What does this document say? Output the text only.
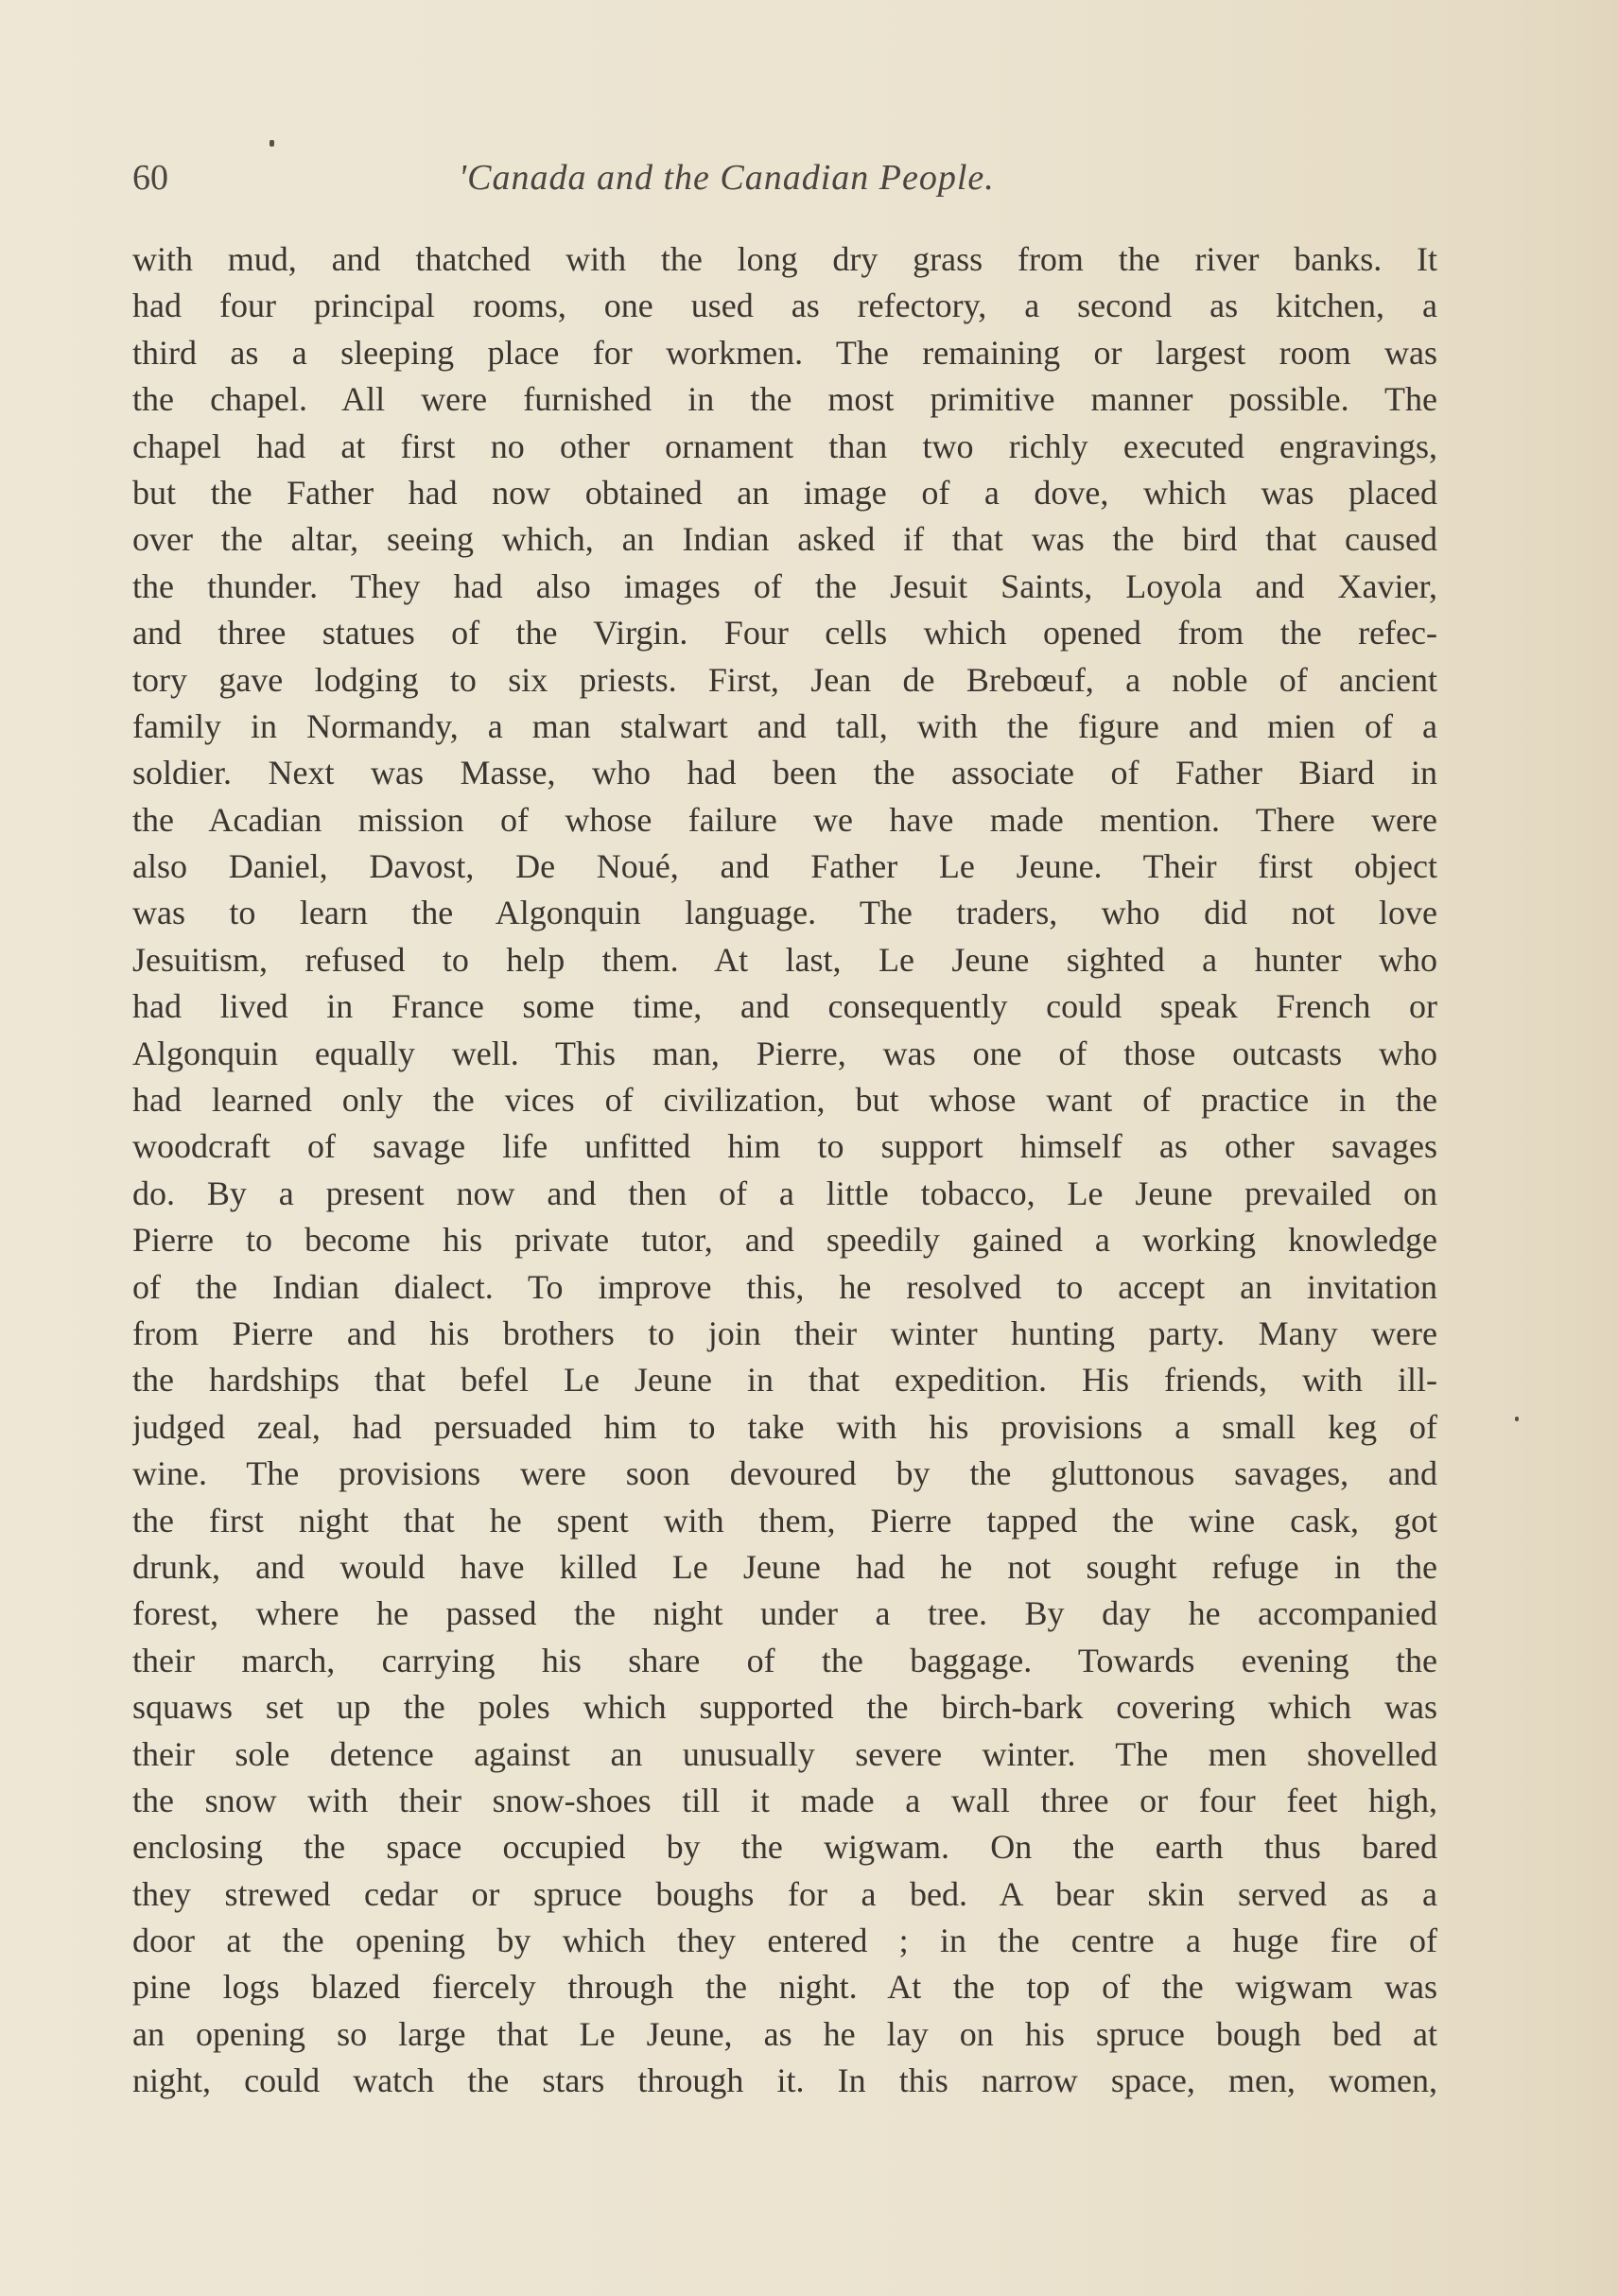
60	'Canada and the Canadian People.
with mud, and thatched with the long dry grass from the river banks. It
had four principal rooms, one used as refectory, a second as kitchen, a
third as a sleeping place for workmen. The remaining or largest room was
the chapel. All were furnished in the most primitive manner possible. The
chapel had at first no other ornament than two richly executed engravings,
but the Father had now obtained an image of a dove, which was placed
over the altar, seeing which, an Indian asked if that was the bird that caused
the thunder. They had also images of the Jesuit Saints, Loyola and Xavier,
and three statues of the Virgin. Four cells which opened from the refec-
tory gave lodging to six priests. First, Jean de Brebœuf, a noble of ancient
family in Normandy, a man stalwart and tall, with the figure and mien of a
soldier. Next was Masse, who had been the associate of Father Biard in
the Acadian mission of whose failure we have made mention. There were
also Daniel, Davost, De Noué, and Father Le Jeune. Their first object
was to learn the Algonquin language. The traders, who did not love
Jesuitism, refused to help them. At last, Le Jeune sighted a hunter who
had lived in France some time, and consequently could speak French or
Algonquin equally well. This man, Pierre, was one of those outcasts who
had learned only the vices of civilization, but whose want of practice in the
woodcraft of savage life unfitted him to support himself as other savages
do. By a present now and then of a little tobacco, Le Jeune prevailed on
Pierre to become his private tutor, and speedily gained a working knowledge
of the Indian dialect. To improve this, he resolved to accept an invitation
from Pierre and his brothers to join their winter hunting party. Many were
the hardships that befel Le Jeune in that expedition. His friends, with ill-
judged zeal, had persuaded him to take with his provisions a small keg of
wine. The provisions were soon devoured by the gluttonous savages, and
the first night that he spent with them, Pierre tapped the wine cask, got
drunk, and would have killed Le Jeune had he not sought refuge in the
forest, where he passed the night under a tree. By day he accompanied
their march, carrying his share of the baggage. Towards evening the
squaws set up the poles which supported the birch-bark covering which was
their sole detence against an unusually severe winter. The men shovelled
the snow with their snow-shoes till it made a wall three or four feet high,
enclosing the space occupied by the wigwam. On the earth thus bared
they strewed cedar or spruce boughs for a bed. A bear skin served as a
door at the opening by which they entered ; in the centre a huge fire of
pine logs blazed fiercely through the night. At the top of the wigwam was
an opening so large that Le Jeune, as he lay on his spruce bough bed at
night, could watch the stars through it. In this narrow space, men, women,
